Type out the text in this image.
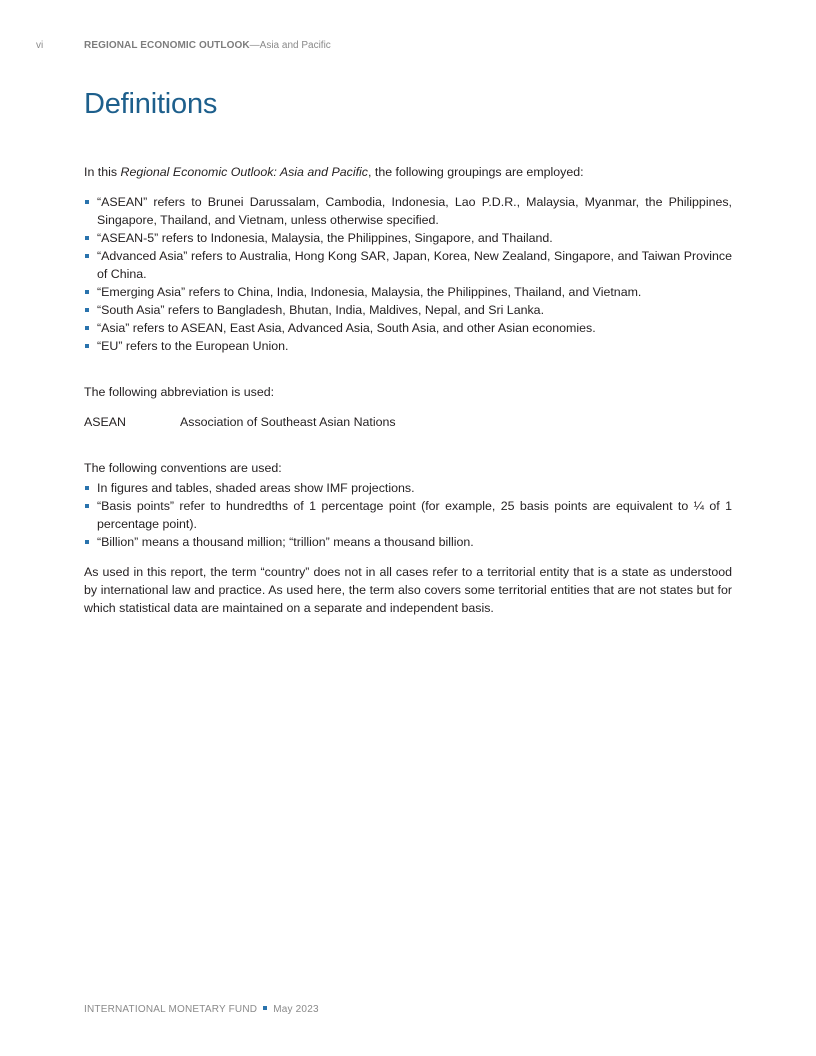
vi	REGIONAL ECONOMIC OUTLOOK—Asia and Pacific
Definitions

In this Regional Economic Outlook: Asia and Pacific, the following groupings are employed:

“ASEAN” refers to Brunei Darussalam, Cambodia, Indonesia, Lao P.D.R., Malaysia, Myanmar, the Philippines, Singapore, Thailand, and Vietnam, unless otherwise specified.
“ASEAN-5” refers to Indonesia, Malaysia, the Philippines, Singapore, and Thailand.
“Advanced Asia” refers to Australia, Hong Kong SAR, Japan, Korea, New Zealand, Singapore, and Taiwan Province of China.
“Emerging Asia” refers to China, India, Indonesia, Malaysia, the Philippines, Thailand, and Vietnam.
“South Asia” refers to Bangladesh, Bhutan, India, Maldives, Nepal, and Sri Lanka.
“Asia” refers to ASEAN, East Asia, Advanced Asia, South Asia, and other Asian economies.
“EU” refers to the European Union.

The following abbreviation is used:

ASEAN	Association of Southeast Asian Nations

The following conventions are used:

In figures and tables, shaded areas show IMF projections.
“Basis points” refer to hundredths of 1 percentage point (for example, 25 basis points are equivalent to ¼ of 1 percentage point).
“Billion” means a thousand million; “trillion” means a thousand billion.

As used in this report, the term “country” does not in all cases refer to a territorial entity that is a state as understood by international law and practice. As used here, the term also covers some territorial entities that are not states but for which statistical data are maintained on a separate and independent basis.

INTERNATIONAL MONETARY FUND May 2023
